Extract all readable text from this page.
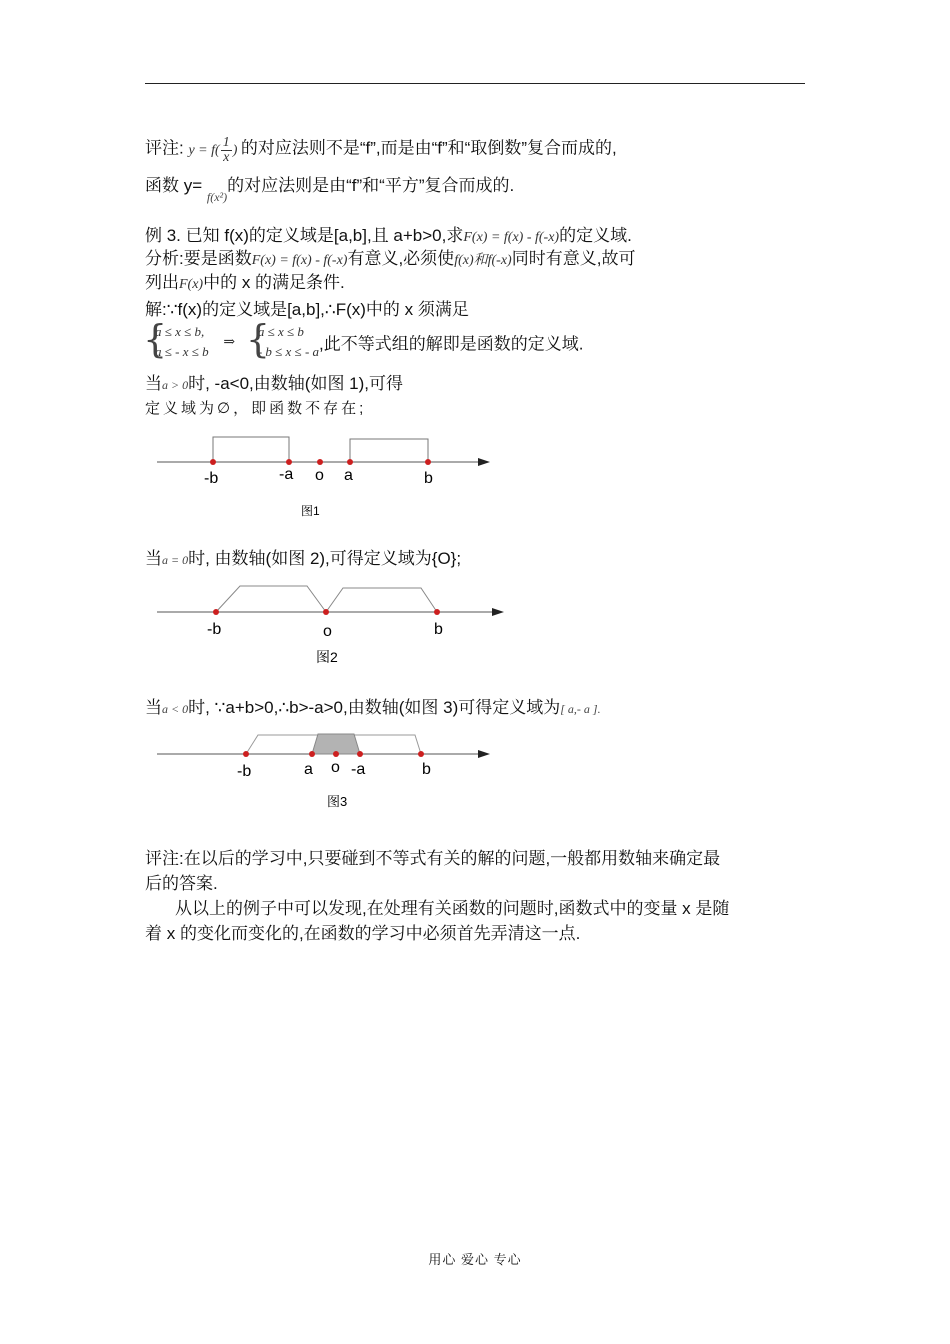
评注: $y = f( \frac{1}{x}$ ) 的对应法则不是“f”,而是由“f”和“取倒数”复合而成的,
函数 y= $_{f(x^2)}$的对应法则是由“f”和“平方”复合而成的.
例 3. 已知 f(x)的定义域是[a,b],且 a+b>0,求F(x) = f(x) - f(-x)的定义域.
分析:要是函数F(x) = f(x) - f(-x)有意义,必须使f(x)和f(-x)同时有意义,故可
列出F(x)中的 x 的满足条件.
解:∵f(x)的定义域是[a,b],∴F(x)中的 x 须满足
{
a ≤ x ≤ b,
a ≤ - x ≤ b
⇒ {
a ≤ x ≤ b
- b ≤ x ≤ - a ,此不等式组的解即是函数的定义域.
当a > 0时, -a<0,由数轴(如图 1),可得
定义域为∅，即函数不存在;
-b	-a o a	b
图1
-b	o	b
图2
-b	a o -a	b
图3
当a = 0时, 由数轴(如图 2),可得定义域为{O};
当a < 0时, ∵a+b>0,∴b>-a>0,由数轴(如图 3)可得定义域为[ a,- a ].
评注:在以后的学习中,只要碰到不等式有关的解的问题,一般都用数轴来确定最
后的答案.
从以上的例子中可以发现,在处理有关函数的问题时,函数式中的变量 x 是随
着 x 的变化而变化的,在函数的学习中必须首先弄清这一点.
用心 爱心 专心
